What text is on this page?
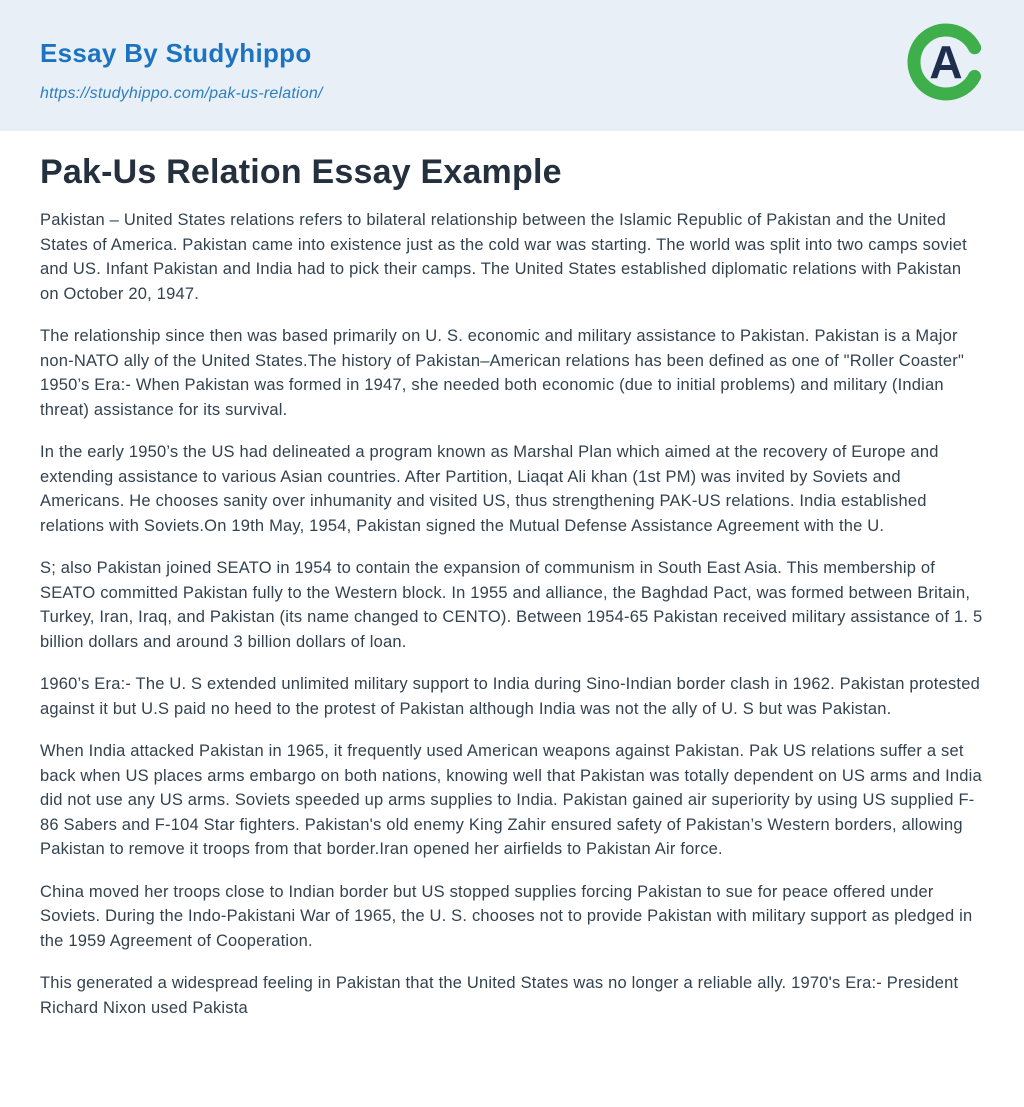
Essay By Studyhippo
https://studyhippo.com/pak-us-relation/
A
Pak-Us Relation Essay Example

Pakistan – United States relations refers to bilateral relationship between the Islamic Republic of Pakistan and the United States of America. Pakistan came into existence just as the cold war was starting. The world was split into two camps soviet and US. Infant Pakistan and India had to pick their camps. The United States established diplomatic relations with Pakistan on October 20, 1947.

The relationship since then was based primarily on U. S. economic and military assistance to Pakistan. Pakistan is a Major non-NATO ally of the United States.The history of Pakistan–American relations has been defined as one of "Roller Coaster" 1950’s Era:- When Pakistan was formed in 1947, she needed both economic (due to initial problems) and military (Indian threat) assistance for its survival.

In the early 1950’s the US had delineated a program known as Marshal Plan which aimed at the recovery of Europe and extending assistance to various Asian countries. After Partition, Liaqat Ali khan (1st PM) was invited by Soviets and Americans. He chooses sanity over inhumanity and visited US, thus strengthening PAK-US relations. India established relations with Soviets.On 19th May, 1954, Pakistan signed the Mutual Defense Assistance Agreement with the U.

S; also Pakistan joined SEATO in 1954 to contain the expansion of communism in South East Asia. This membership of SEATO committed Pakistan fully to the Western block. In 1955 and alliance, the Baghdad Pact, was formed between Britain, Turkey, Iran, Iraq, and Pakistan (its name changed to CENTO). Between 1954-65 Pakistan received military assistance of 1. 5 billion dollars and around 3 billion dollars of loan.

1960’s Era:- The U. S extended unlimited military support to India during Sino-Indian border clash in 1962. Pakistan protested against it but U.S paid no heed to the protest of Pakistan although India was not the ally of U. S but was Pakistan.

When India attacked Pakistan in 1965, it frequently used American weapons against Pakistan. Pak US relations suffer a set back when US places arms embargo on both nations, knowing well that Pakistan was totally dependent on US arms and India did not use any US arms. Soviets speeded up arms supplies to India. Pakistan gained air superiority by using US supplied F-86 Sabers and F-104 Star fighters. Pakistan's old enemy King Zahir ensured safety of Pakistan’s Western borders, allowing Pakistan to remove it troops from that border.Iran opened her airfields to Pakistan Air force.

China moved her troops close to Indian border but US stopped supplies forcing Pakistan to sue for peace offered under Soviets. During the Indo-Pakistani War of 1965, the U. S. chooses not to provide Pakistan with military support as pledged in the 1959 Agreement of Cooperation.

This generated a widespread feeling in Pakistan that the United States was no longer a reliable ally. 1970's Era:- President Richard Nixon used Pakista
